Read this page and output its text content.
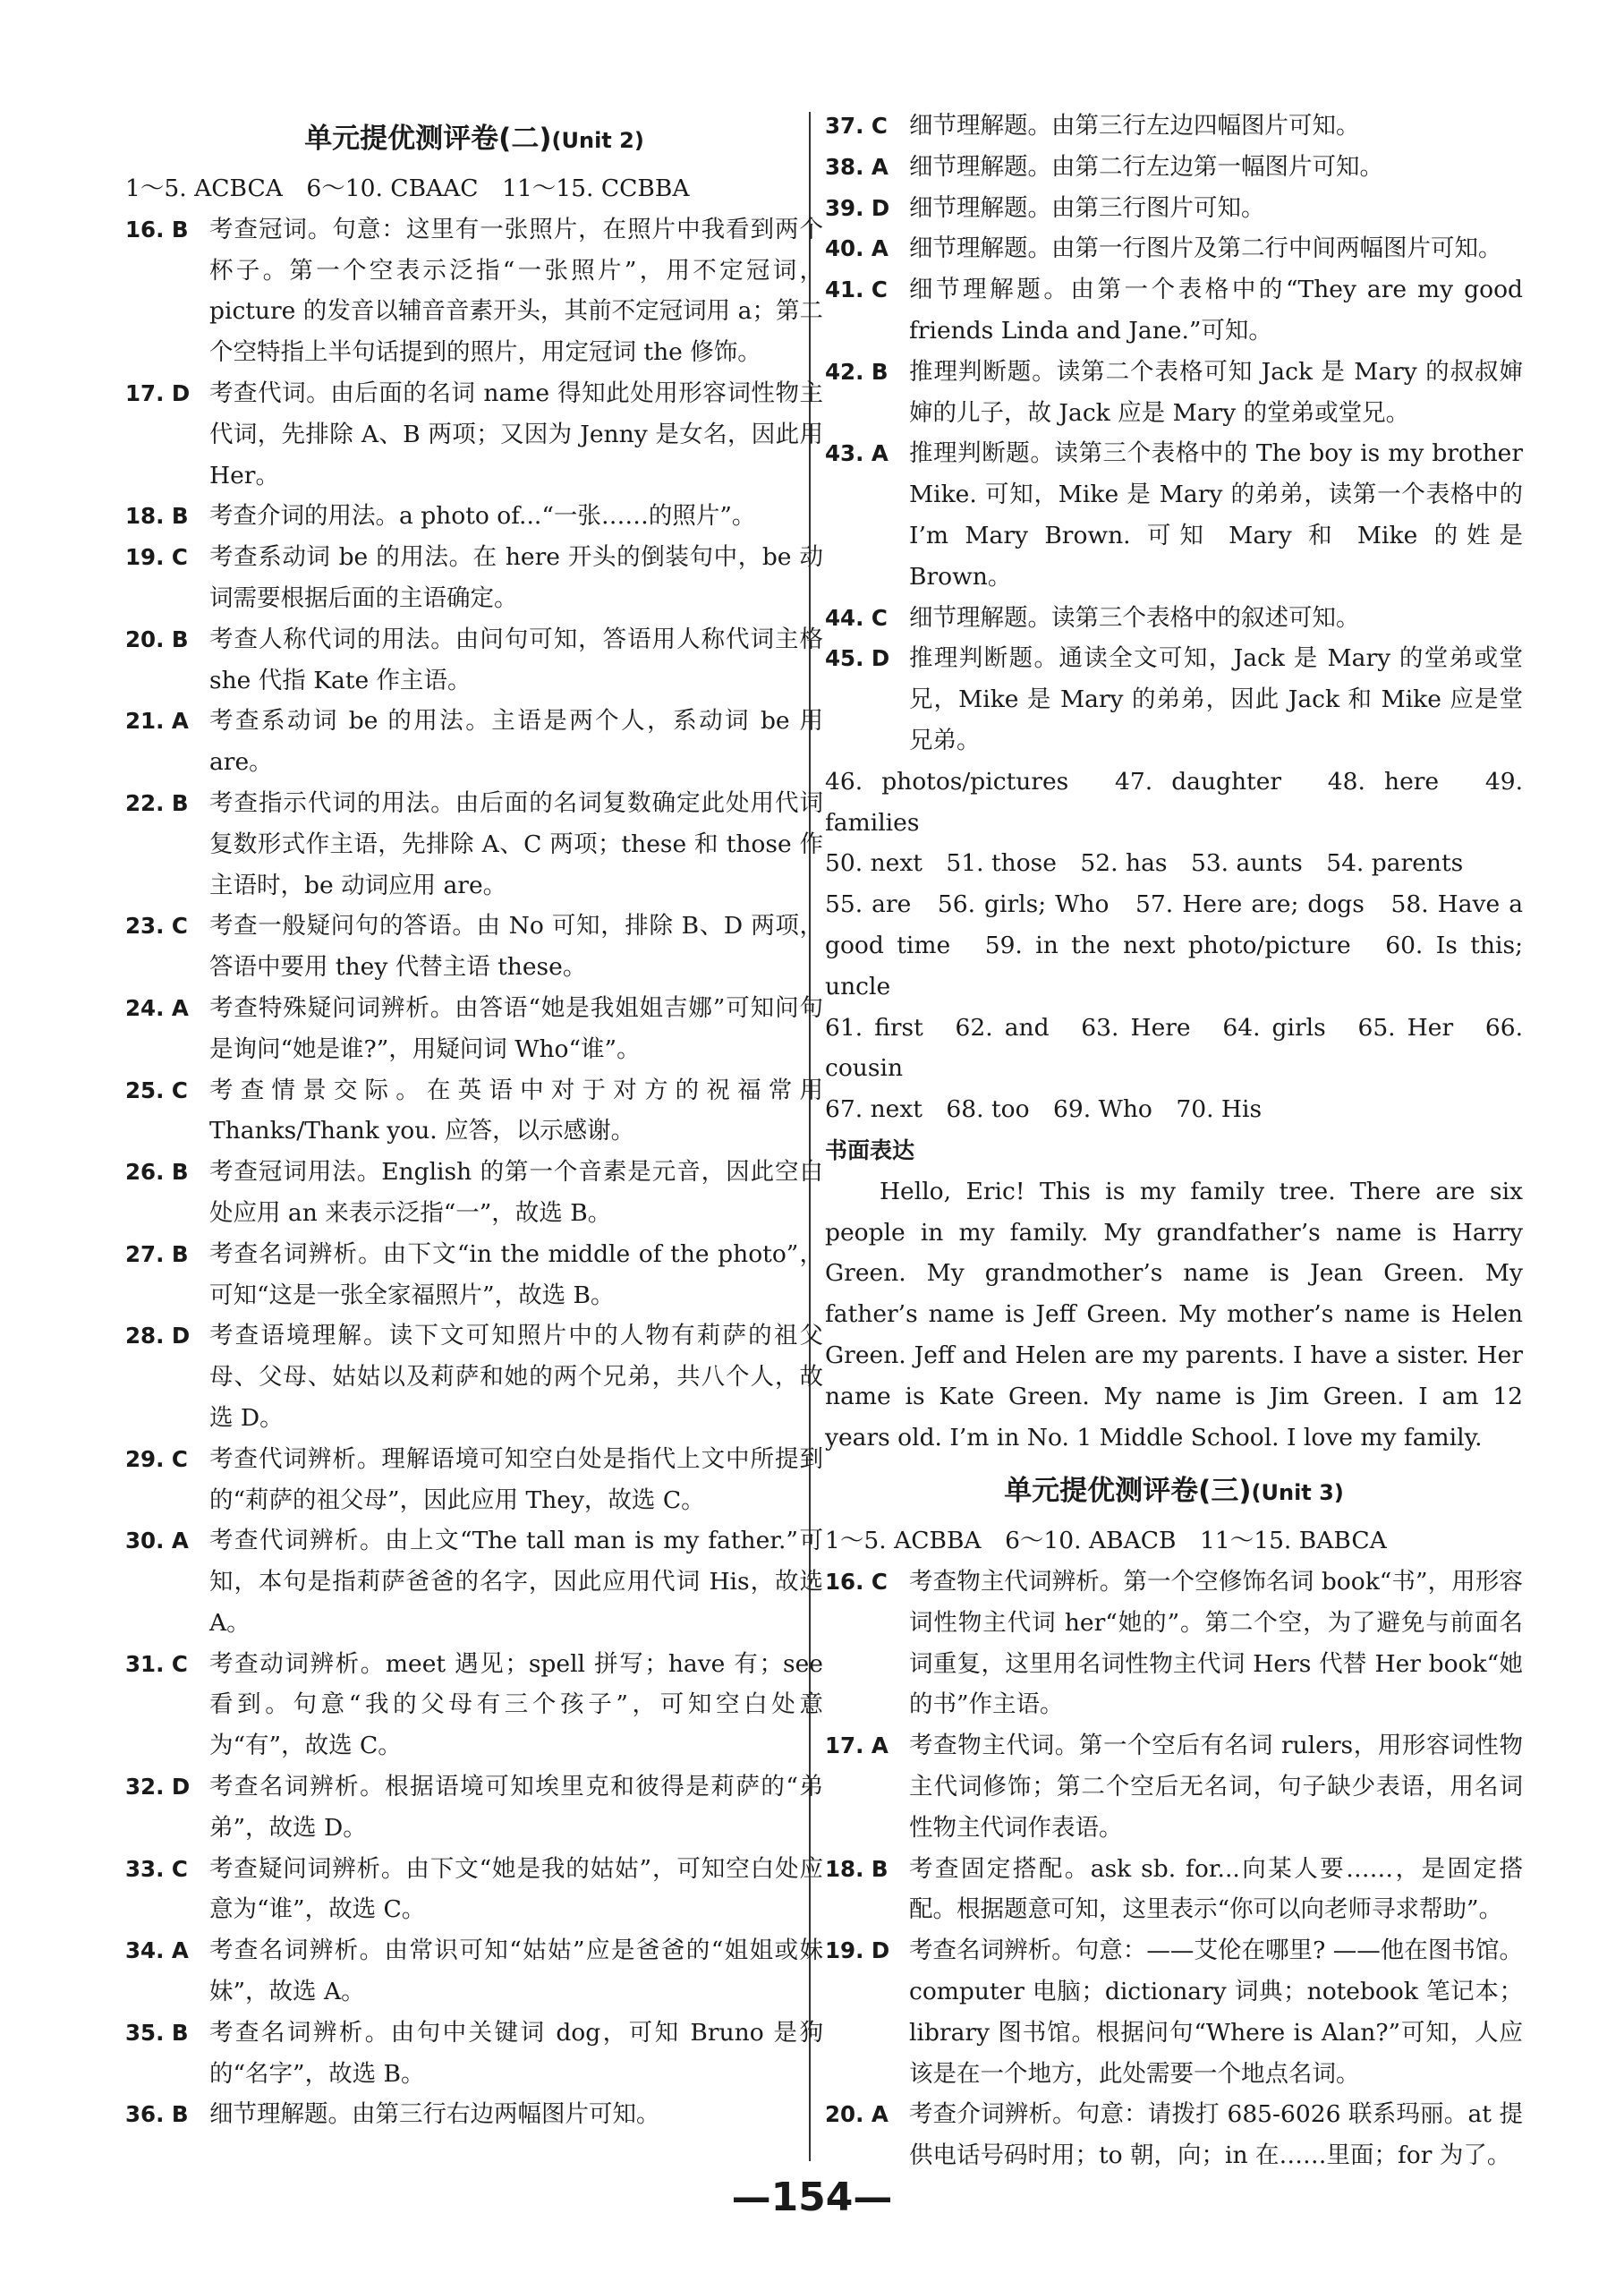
单元提优测评卷(二)(Unit 2)
1～5. ACBCA　6～10. CBAAC　11～15. CCBBA
16. B 考查冠词。句意：这里有一张照片，在照片中我看到两个杯子。第一个空表示泛指“一张照片”，用不定冠词，picture 的发音以辅音音素开头，其前不定冠词用 a；第二个空特指上半句话提到的照片，用定冠词 the 修饰。
17. D 考查代词。由后面的名词 name 得知此处用形容词性物主代词，先排除 A、B 两项；又因为 Jenny 是女名，因此用 Her。
18. B 考查介词的用法。a photo of...“一张……的照片”。
19. C 考查系动词 be 的用法。在 here 开头的倒装句中，be 动词需要根据后面的主语确定。
20. B 考查人称代词的用法。由问句可知，答语用人称代词主格 she 代指 Kate 作主语。
21. A 考查系动词 be 的用法。主语是两个人，系动词 be 用 are。
22. B 考查指示代词的用法。由后面的名词复数确定此处用代词复数形式作主语，先排除 A、C 两项；these 和 those 作主语时，be 动词应用 are。
23. C 考查一般疑问句的答语。由 No 可知，排除 B、D 两项，答语中要用 they 代替主语 these。
24. A 考查特殊疑问词辨析。由答语“她是我姐姐吉娜”可知问句是询问“她是谁?”，用疑问词 Who“谁”。
25. C 考查情景交际。在英语中对于对方的祝福常用 Thanks/Thank you. 应答，以示感谢。
26. B 考查冠词用法。English 的第一个音素是元音，因此空白处应用 an 来表示泛指“一”，故选 B。
27. B 考查名词辨析。由下文“in the middle of the photo”，可知“这是一张全家福照片”，故选 B。
28. D 考查语境理解。读下文可知照片中的人物有莉萨的祖父母、父母、姑姑以及莉萨和她的两个兄弟，共八个人，故选 D。
29. C 考查代词辨析。理解语境可知空白处是指代上文中所提到的“莉萨的祖父母”，因此应用 They，故选 C。
30. A 考查代词辨析。由上文“The tall man is my father.”可知，本句是指莉萨爸爸的名字，因此应用代词 His，故选 A。
31. C 考查动词辨析。meet 遇见；spell 拼写；have 有；see 看到。句意“我的父母有三个孩子”，可知空白处意为“有”，故选 C。
32. D 考查名词辨析。根据语境可知埃里克和彼得是莉萨的“弟弟”，故选 D。
33. C 考查疑问词辨析。由下文“她是我的姑姑”，可知空白处应意为“谁”，故选 C。
34. A 考查名词辨析。由常识可知“姑姑”应是爸爸的“姐姐或妹妹”，故选 A。
35. B 考查名词辨析。由句中关键词 dog，可知 Bruno 是狗的“名字”，故选 B。
36. B 细节理解题。由第三行右边两幅图片可知。
37. C 细节理解题。由第三行左边四幅图片可知。
38. A 细节理解题。由第二行左边第一幅图片可知。
39. D 细节理解题。由第三行图片可知。
40. A 细节理解题。由第一行图片及第二行中间两幅图片可知。
41. C 细节理解题。由第一个表格中的“They are my good friends Linda and Jane.”可知。
42. B 推理判断题。读第二个表格可知 Jack 是 Mary 的叔叔婶婶的儿子，故 Jack 应是 Mary 的堂弟或堂兄。
43. A 推理判断题。读第三个表格中的 The boy is my brother Mike. 可知，Mike 是 Mary 的弟弟，读第一个表格中的 I’m Mary Brown. 可知 Mary 和 Mike 的姓是 Brown。
44. C 细节理解题。读第三个表格中的叙述可知。
45. D 推理判断题。通读全文可知，Jack 是 Mary 的堂弟或堂兄，Mike 是 Mary 的弟弟，因此 Jack 和 Mike 应是堂兄弟。
46. photos/pictures　47. daughter　48. here　49. families
50. next　51. those　52. has　53. aunts　54. parents
55. are　56. girls; Who　57. Here are; dogs　58. Have a good time　59. in the next photo/picture　60. Is this; uncle
61. first　62. and　63. Here　64. girls　65. Her　66. cousin
67. next　68. too　69. Who　70. His
书面表达
Hello, Eric! This is my family tree. There are six people in my family. My grandfather’s name is Harry Green. My grandmother’s name is Jean Green. My father’s name is Jeff Green. My mother’s name is Helen Green. Jeff and Helen are my parents. I have a sister. Her name is Kate Green. My name is Jim Green. I am 12 years old. I’m in No. 1 Middle School. I love my family.
单元提优测评卷(三)(Unit 3)
1～5. ACBBA　6～10. ABACB　11～15. BABCA
16. C 考查物主代词辨析。第一个空修饰名词 book“书”，用形容词性物主代词 her“她的”。第二个空，为了避免与前面名词重复，这里用名词性物主代词 Hers 代替 Her book“她的书”作主语。
17. A 考查物主代词。第一个空后有名词 rulers，用形容词性物主代词修饰；第二个空后无名词，句子缺少表语，用名词性物主代词作表语。
18. B 考查固定搭配。ask sb. for...向某人要……，是固定搭配。根据题意可知，这里表示“你可以向老师寻求帮助”。
19. D 考查名词辨析。句意：——艾伦在哪里? ——他在图书馆。computer 电脑；dictionary 词典；notebook 笔记本；library 图书馆。根据问句“Where is Alan?”可知，人应该是在一个地方，此处需要一个地点名词。
20. A 考查介词辨析。句意：请拨打 685-6026 联系玛丽。at 提供电话号码时用；to 朝，向；in 在……里面；for 为了。
—154—
